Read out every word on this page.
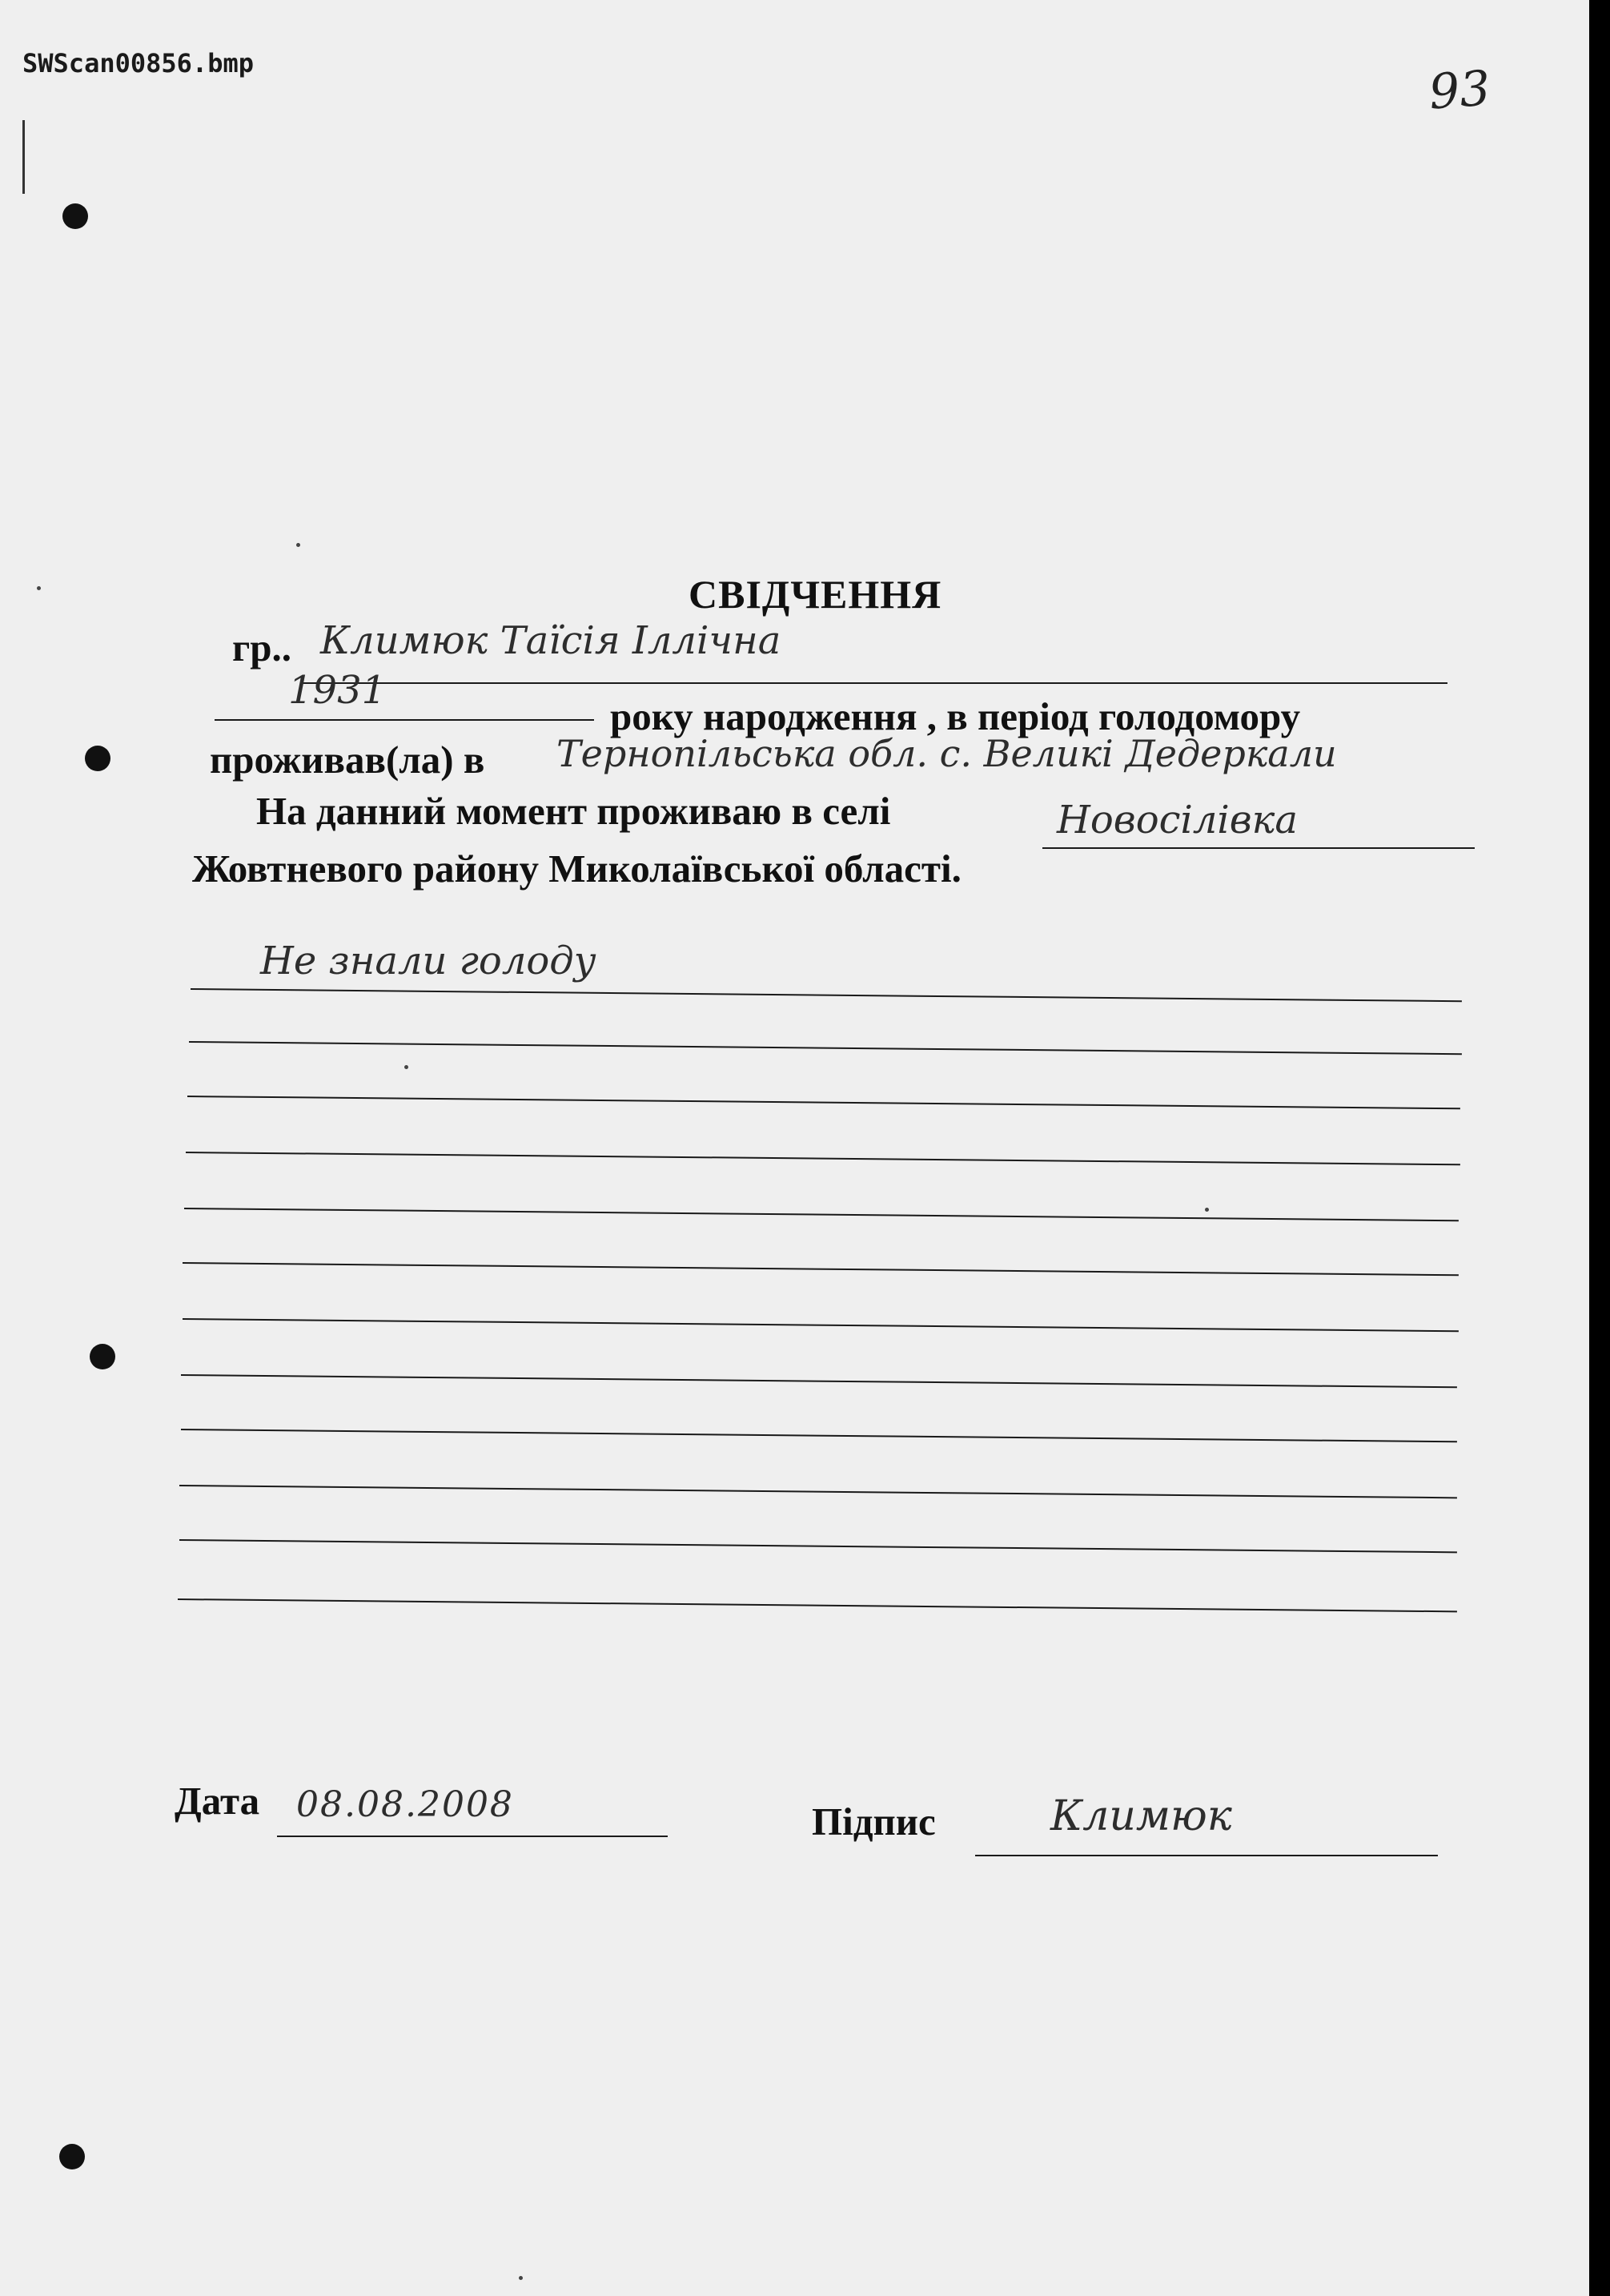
SWScan00856.bmp	93
СВІДЧЕННЯ
гр.. Климюк Таїсія Іллічна
1931
року народження , в період голодомору
проживав(ла) в Тернопільська обл. с. Великі Дедеркали
На данний момент проживаю в селі	Новосілівка
Жовтневого району Миколаївської області.
Не знали голоду
Дата 08.08.2008	Підпис	Климюк
